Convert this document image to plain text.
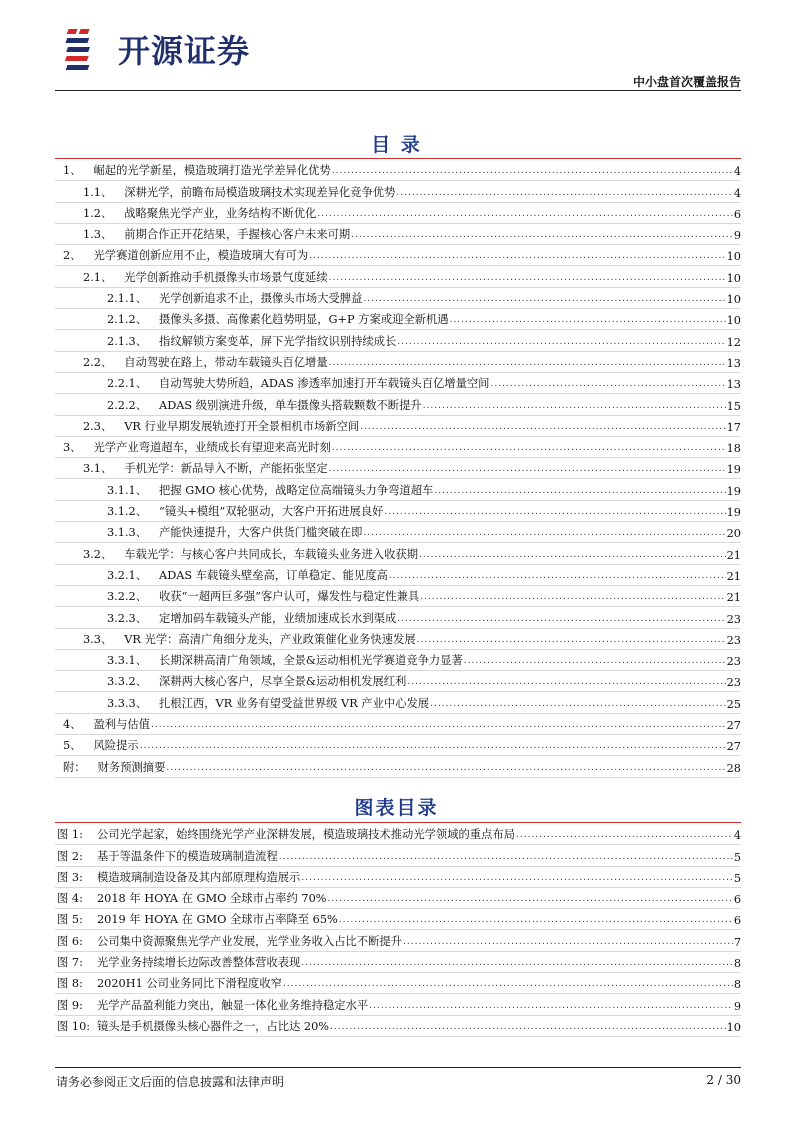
开源证券
中小盘首次覆盖报告
目 录
1、 崛起的光学新星，模造玻璃打造光学差异化优势 .....	4
1.1、 深耕光学，前瞻布局模造玻璃技术实现差异化竞争优势 .....	4
1.2、 战略聚焦光学产业，业务结构不断优化 .....	6
1.3、 前期合作正开花结果，手握核心客户未来可期 .....	9
2、 光学赛道创新应用不止，模造玻璃大有可为 .....	10
2.1、 光学创新推动手机摄像头市场景气度延续 .....	10
2.1.1、 光学创新追求不止，摄像头市场大受脾益 .....	10
2.1.2、 摄像头多摄、高像素化趋势明显，G+P 方案或迎全新机遇 .....	10
2.1.3、 指纹解锁方案变革，屏下光学指纹识别持续成长 .....	12
2.2、 自动驾驶在路上，带动车载镜头百亿增量 .....	13
2.2.1、 自动驾驶大势所趋，ADAS 渗透率加速打开车载镜头百亿增量空间 .....	13
2.2.2、 ADAS 级别演进升级，单车摄像头搭载颗数不断提升 .....	15
2.3、 VR 行业早期发展轨迹打开全景相机市场新空间 .....	17
3、 光学产业弯道超车，业绩成长有望迎来高光时刻 .....	18
3.1、 手机光学：新品导入不断，产能拓张坚定 .....	19
3.1.1、 把握 GMO 核心优势，战略定位高端镜头力争弯道超车 .....	19
3.1.2、 “镜头+模组”双轮驱动，大客户开拓进展良好 .....	19
3.1.3、 产能快速提升，大客户供货门槛突破在即 .....	20
3.2、 车载光学：与核心客户共同成长，车载镜头业务进入收获期 .....	21
3.2.1、 ADAS 车载镜头壁垒高，订单稳定、能见度高 .....	21
3.2.2、 收获“一超两巨多强”客户认可，爆发性与稳定性兼具 .....	21
3.2.3、 定增加码车载镜头产能，业绩加速成长水到渠成 .....	23
3.3、 VR 光学：高清广角细分龙头，产业政策催化业务快速发展 .....	23
3.3.1、 长期深耕高清广角领域，全景&运动相机光学赛道竞争力显著 .....	23
3.3.2、 深耕两大核心客户，尽享全景&运动相机发展红利 .....	23
3.3.3、 扎根江西，VR 业务有望受益世界级 VR 产业中心发展 .....	25
4、 盈利与估值 .....	27
5、 风险提示 .....	27
附： 财务预测摘要 .....	28
图表目录
图 1:	公司光学起家，始终围绕光学产业深耕发展，模造玻璃技术推动光学领域的重点布局 .....	4
图 2:	基于等温条件下的模造玻璃制造流程 .....	5
图 3:	模造玻璃制造设备及其内部原理构造展示 .....	5
图 4:	2018 年 HOYA 在 GMO 全球市占率约 70% .....	6
图 5:	2019 年 HOYA 在 GMO 全球市占率降至 65% .....	6
图 6:	公司集中资源聚焦光学产业发展，光学业务收入占比不断提升 .....	7
图 7:	光学业务持续增长边际改善整体营收表现 .....	8
图 8:	2020H1 公司业务同比下滑程度收窄 .....	8
图 9:	光学产品盈利能力突出，触显一体化业务维持稳定水平 .....	9
图 10: 镜头是手机摄像头核心器件之一，占比达 20% .....	10
请务必参阅正文后面的信息披露和法律声明	2 / 30
